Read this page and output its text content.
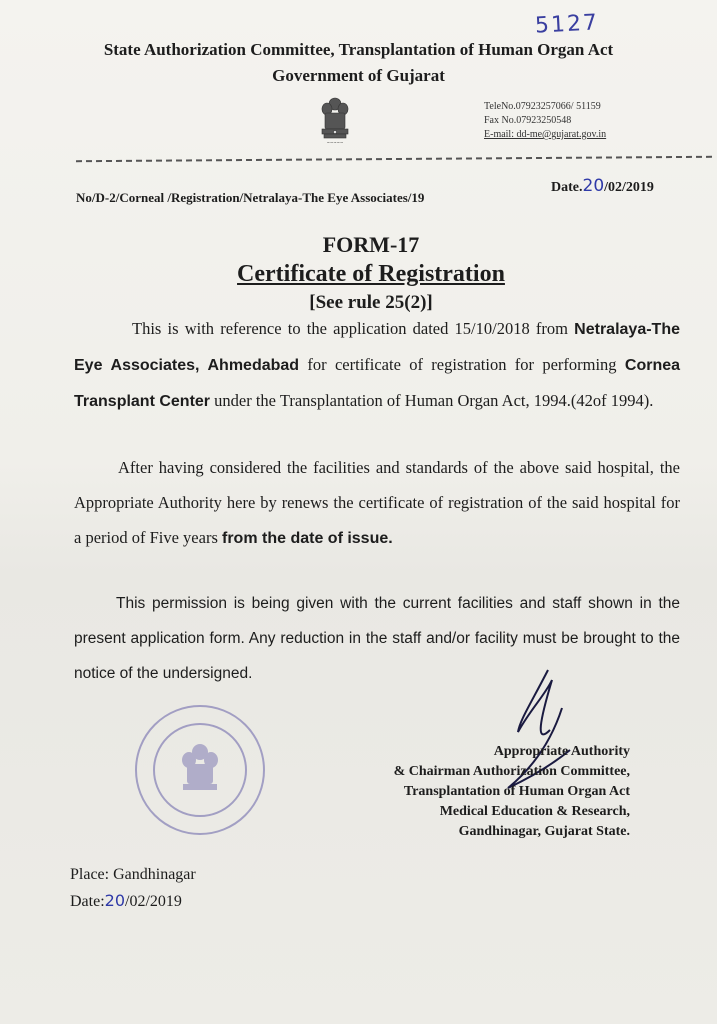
5127
State Authorization Committee, Transplantation of Human Organ Act
Government of Gujarat
~~~~~
TeleNo.07923257066/ 51159
Fax No.07923250548
E-mail: dd-me@gujarat.gov.in
No/D-2/Corneal /Registration/Netralaya-The Eye Associates/19
Date.20/02/2019
FORM-17
Certificate of Registration
[See rule 25(2)]
This is with reference to the application dated 15/10/2018 from Netralaya-The Eye Associates, Ahmedabad for certificate of registration for performing Cornea Transplant Center under the Transplantation of Human Organ Act, 1994.(42of 1994).
After having considered the facilities and standards of the above said hospital, the Appropriate Authority here by renews the certificate of registration of the said hospital for a period of Five years from the date of issue.
This permission is being given with the current facilities and staff shown in the present application form. Any reduction in the staff and/or facility must be brought to the notice of the undersigned.
Appropriate Authority
& Chairman Authorization Committee,
Transplantation of Human Organ Act
Medical Education & Research,
Gandhinagar, Gujarat State.
Place: Gandhinagar
Date:20/02/2019
